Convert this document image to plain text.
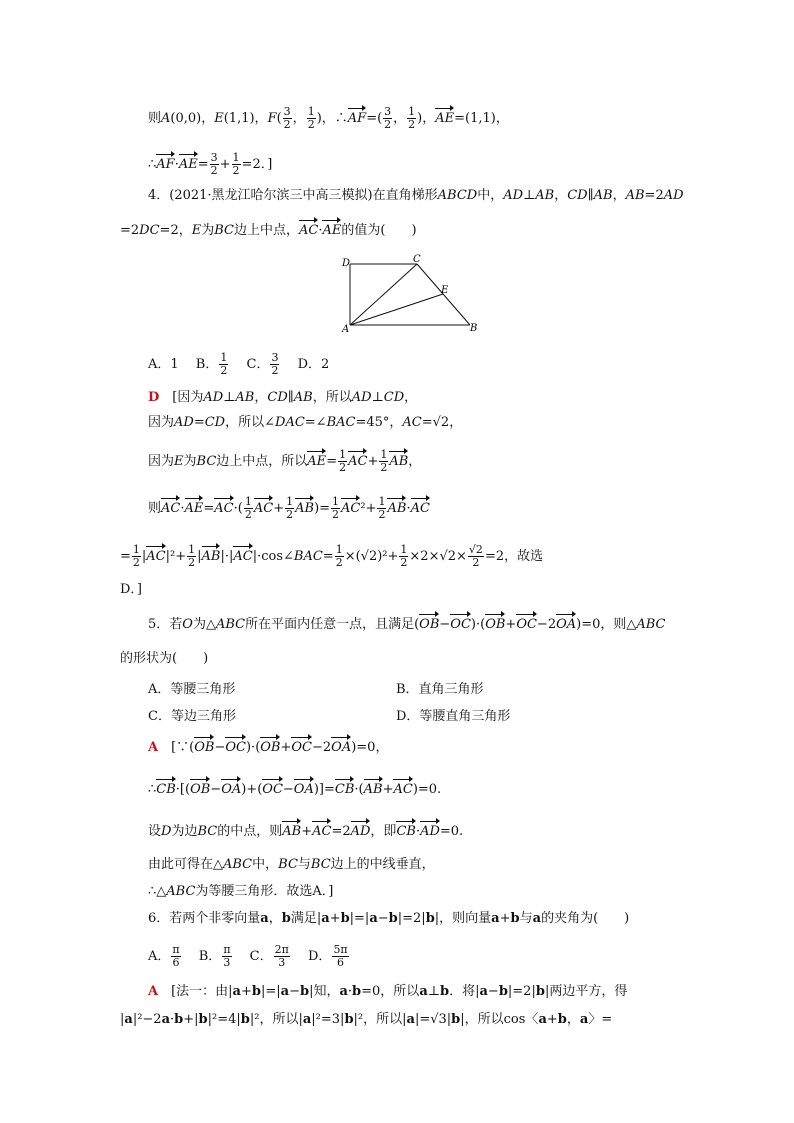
则A(0,0)，E(1,1)，$F( \frac{3}{2}$ ， $\frac{1}{2}$ )，∴AF=( $\frac{3}{2}$ ， $\frac{1}{2}$ )，AE=(1,1)，
∴AF·AE= $\frac{3}{2} + \frac{1}{2} =2$．]
4．(2021·黑龙江哈尔滨三中高三模拟)在直角梯形ABCD中，AD⊥AB，CD∥AB，AB=2AD
=2DC=2，E为BC边上中点，AC·AE的值为(　　)
D	C
E
A	B
A．1　 B． $\frac{1}{2}$ 　 C． $\frac{3}{2}$ 　 D．2
D　[因为AD⊥AB，CD∥AB，所以AD⊥CD，
因为AD=CD，所以∠DAC=∠BAC=45°，AC=√2，
因为E为BC边上中点，所以$AE= \frac{1}{2} AC+ \frac{1}{2}$ AB，
则$AC\cdot AE=AC\cdot( \frac{1}{2} AC+ \frac{1}{2} AB)= \frac{1}{2} AC^2+ \frac{1}{2} AB\cdot AC$
= $\frac{1}{2} |AC|^2+ \frac{1}{2}$ |AB|·|AC|·cos∠BAC= $\frac{1}{2} \times(√2)^2+ \frac{1}{2} \times 2\times√2\times \frac{√2}{2} =2$，故选
D．]
5．若O为△ABC所在平面内任意一点，且满足(OB−OC)·(OB+OC−2OA)=0，则△ABC
的形状为(　　)
A．等腰三角形	B．直角三角形
C．等边三角形	D．等腰直角三角形
A　[∵(OB−OC)·(OB+OC−2OA)=0，
∴CB·[(OB−OA)+(OC−OA)]=CB·(AB+AC)=0.
设D为边BC的中点，则AB+AC=2AD，即CB·AD=0.
由此可得在△ABC中，BC与BC边上的中线垂直，
∴△ABC为等腰三角形．故选A．]
6．若两个非零向量a，b满足|a+b|=|a−b|=2|b|，则向量a+b与a的夹角为(　　)
A． $\frac{\pi}{6}$ 　 B． $\frac{\pi}{3}$ 　 C． $\frac{2\pi}{3}$ 　 D． $\frac{5\pi}{6}$
A　[法一：由|a+b|=|a−b|知，a·b=0，所以a⊥b．将|a−b|=2|b|两边平方，得
|a|²−2a·b+|b|²=4|b|²，所以|a|²=3|b|²，所以|a|=√3|b|，所以cos〈a+b，a〉=
